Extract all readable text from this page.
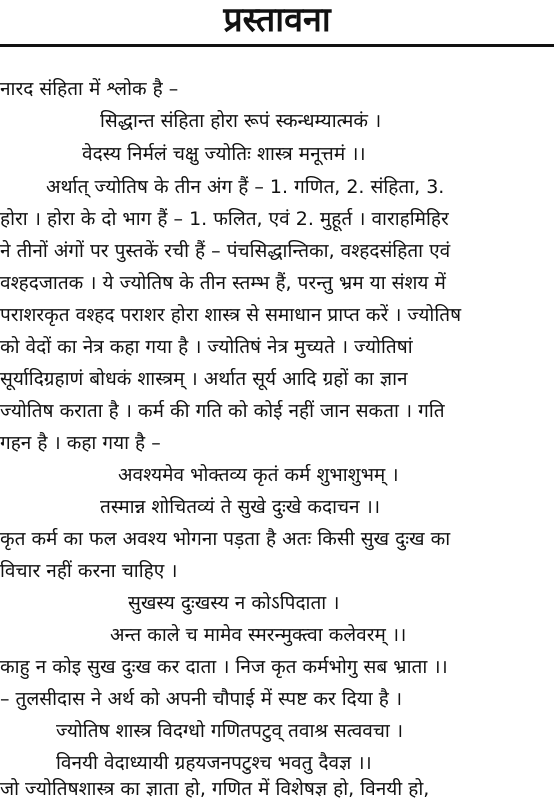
प्रस्तावना
नारद संहिता में श्लोक है –
सिद्धान्त संहिता होरा रूपं स्कन्धम्यात्मकं ।
वेदस्य निर्मलं चक्षु ज्योतिः शास्त्र मनूत्तमं ।।
अर्थात् ज्योतिष के तीन अंग हैं – 1. गणित, 2. संहिता, 3.
होरा । होरा के दो भाग हैं – 1. फलित, एवं 2. मुहूर्त । वाराहमिहिर
ने तीनों अंगों पर पुस्तकें रची हैं – पंचसिद्धान्तिका, वश्हदसंहिता एवं
वश्हदजातक । ये ज्योतिष के तीन स्तम्भ हैं, परन्तु भ्रम या संशय में
पराशरकृत वश्हद पराशर होरा शास्त्र से समाधान प्राप्त करें । ज्योतिष
को वेदों का नेत्र कहा गया है । ज्योतिषं नेत्र मुच्यते । ज्योतिषां
सूर्यादिग्रहाणं बोधकं शास्त्रम् । अर्थात सूर्य आदि ग्रहों का ज्ञान
ज्योतिष कराता है । कर्म की गति को कोई नहीं जान सकता । गति
गहन है । कहा गया है –
अवश्यमेव भोक्तव्य कृतं कर्म शुभाशुभम् ।
तस्मान्न शोचितव्यं ते सुखे दुःखे कदाचन ।।
कृत कर्म का फल अवश्य भोगना पड़ता है अतः किसी सुख दुःख का
विचार नहीं करना चाहिए ।
सुखस्य दुःखस्य न कोऽपिदाता ।
अन्त काले च मामेव स्मरन्मुक्त्वा कलेवरम् ।।
काहु न कोइ सुख दुःख कर दाता । निज कृत कर्मभोगु सब भ्राता ।।
– तुलसीदास ने अर्थ को अपनी चौपाई में स्पष्ट कर दिया है ।
ज्योतिष शास्त्र विदग्धो गणितपटुव् तवाश्र सत्ववचा ।
विनयी वेदाध्यायी ग्रहयजनपटुश्च भवतु दैवज्ञ ।।
जो ज्योतिषशास्त्र का ज्ञाता हो, गणित में विशेषज्ञ हो, विनयी हो,
